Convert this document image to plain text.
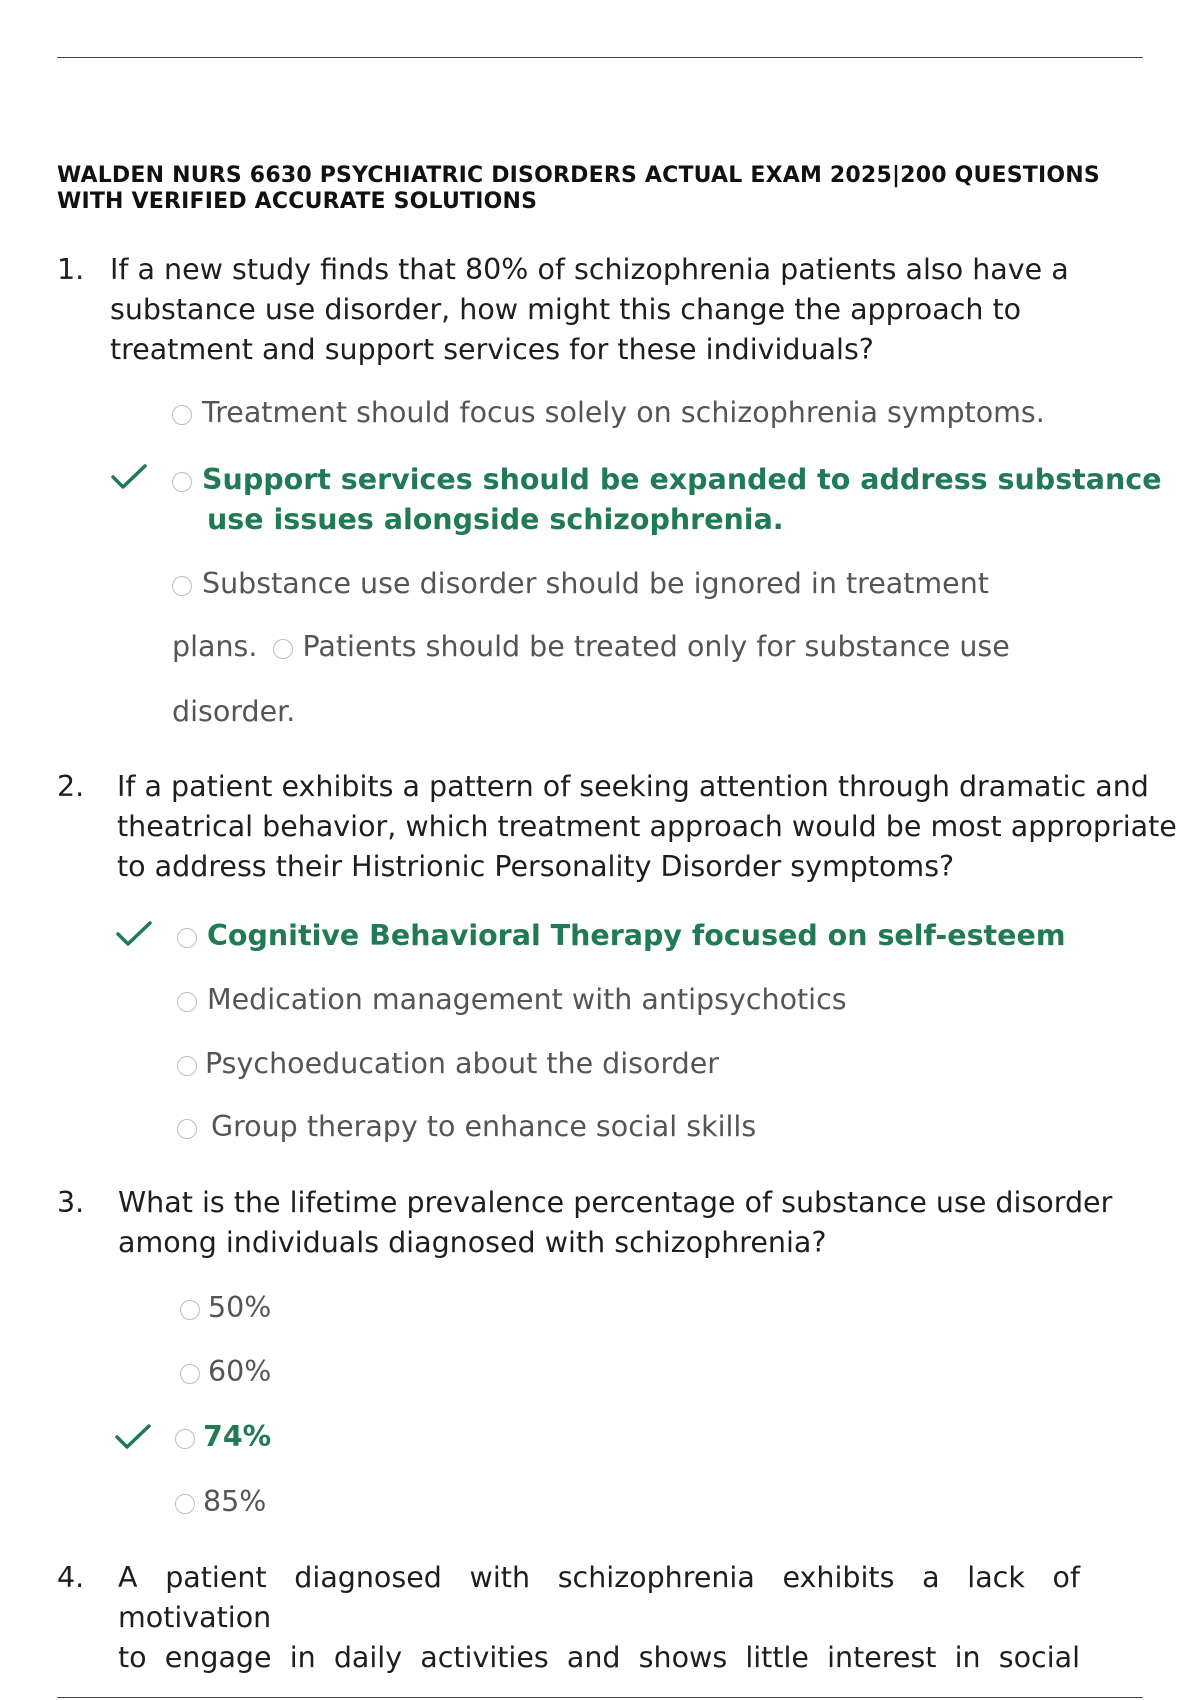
WALDEN NURS 6630 PSYCHIATRIC DISORDERS ACTUAL EXAM 2025|200 QUESTIONS
WITH VERIFIED ACCURATE SOLUTIONS
1. If a new study finds that 80% of schizophrenia patients also have a
substance use disorder, how might this change the approach to
treatment and support services for these individuals?
Treatment should focus solely on schizophrenia symptoms.
Support services should be expanded to address substance
use issues alongside schizophrenia.
Substance use disorder should be ignored in treatment
plans. Patients should be treated only for substance use
disorder.
2. If a patient exhibits a pattern of seeking attention through dramatic and
theatrical behavior, which treatment approach would be most appropriate
to address their Histrionic Personality Disorder symptoms?
Cognitive Behavioral Therapy focused on self-esteem
Medication management with antipsychotics
Psychoeducation about the disorder
Group therapy to enhance social skills
3. What is the lifetime prevalence percentage of substance use disorder
among individuals diagnosed with schizophrenia?
50%
60%
74%
85%
4. A patient diagnosed with schizophrenia exhibits a lack of motivation
to engage in daily activities and shows little interest in social
